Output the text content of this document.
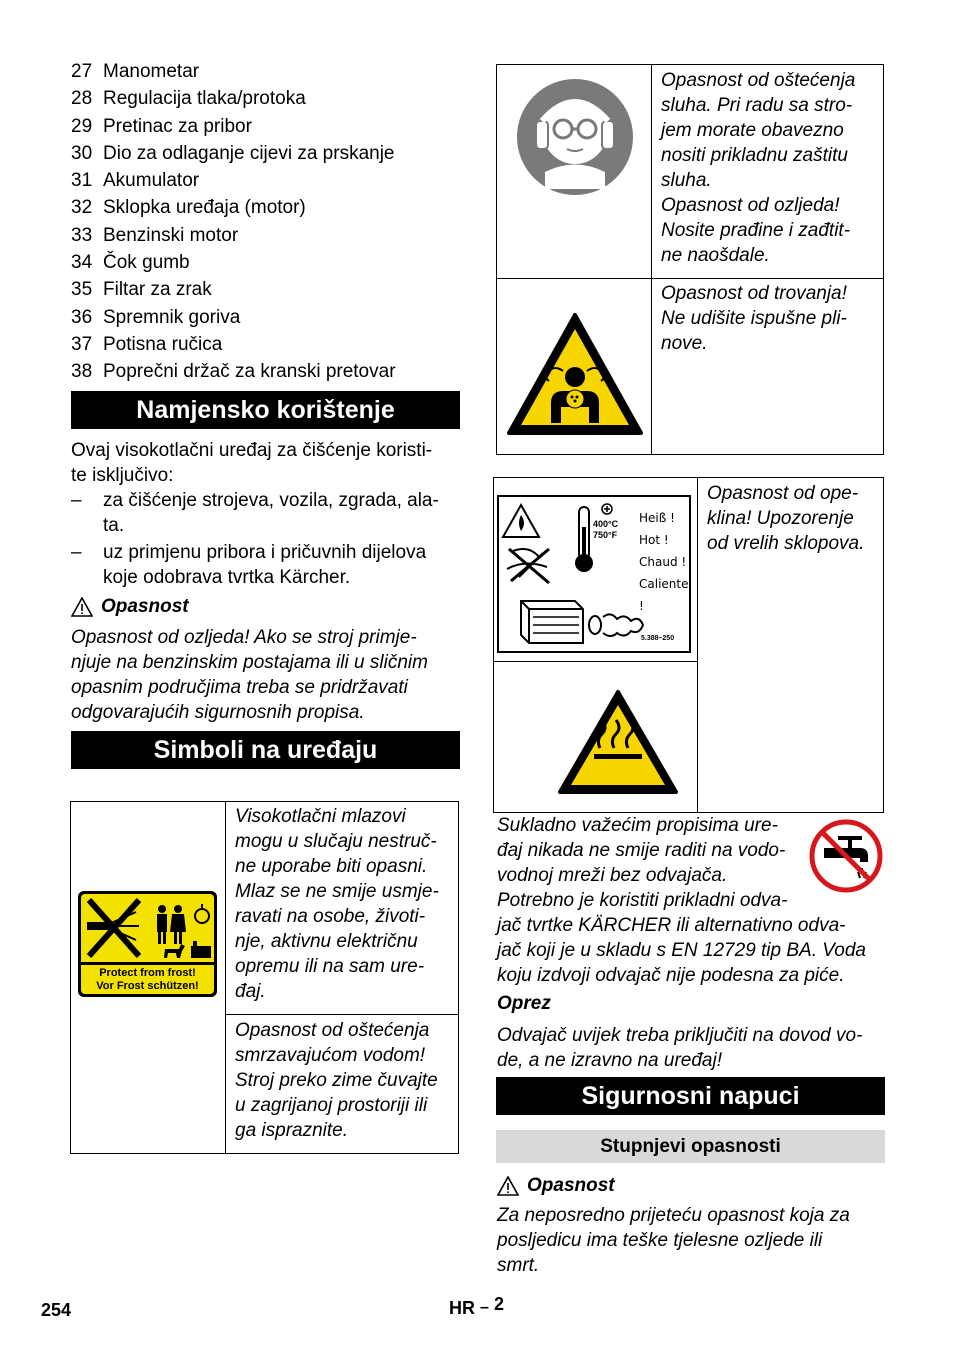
27 Manometar
28 Regulacija tlaka/protoka
29 Pretinac za pribor
30 Dio za odlaganje cijevi za prskanje
31 Akumulator
32 Sklopka uređaja (motor)
33 Benzinski motor
34 Čok gumb
35 Filtar za zrak
36 Spremnik goriva
37 Potisna ručica
38 Poprečni držač za kranski pretovar
Namjensko korištenje
Ovaj visokotlačni uređaj za čišćenje koristi-
te isključivo:
–	za čišćenje strojeva, vozila, zgrada, ala-
ta.
–	uz primjenu pribora i pričuvnih dijelova
koje odobrava tvrtka Kärcher.
Opasnost
Opasnost od ozljeda! Ako se stroj primje-
njuje na benzinskim postajama ili u sličnim
opasnim područjima treba se pridržavati
odgovarajućih sigurnosnih propisa.
Simboli na uređaju
Protect from frost!
Vor Frost schützen!
Visokotlačni mlazovi
mogu u slučaju nestruč-
ne uporabe biti opasni.
Mlaz se ne smije usmje-
ravati na osobe, životi-
nje, aktivnu električnu
opremu ili na sam ure-
đaj.
Opasnost od oštećenja
smrzavajućom vodom!
Stroj preko zime čuvajte
u zagrijanoj prostoriji ili
ga ispraznite.
Opasnost od oštećenja
sluha. Pri radu sa stro-
jem morate obavezno
nositi prikladnu zaštitu
sluha.
Opasnost od ozljeda!
Nosite prađine i zađtit-
ne naošdale.
Opasnost od trovanja!
Ne udišite ispušne pli-
nove.
400°C
750°F
Heiß !
Hot !
Chaud !
Caliente !
5.388–250
Opasnost od ope-
klina! Upozorenje
od vrelih sklopova.
Sukladno važećim propisima ure-
đaj nikada ne smije raditi na vodo-
vodnoj mreži bez odvajača.
Potrebno je koristiti prikladni odva-
jač tvrtke KÄRCHER ili alternativno odva-
jač koji je u skladu s EN 12729 tip BA. Voda
koju izdvoji odvajač nije podesna za piće.
Oprez
Odvajač uvijek treba priključiti na dovod vo-
de, a ne izravno na uređaj!
Sigurnosni napuci
Stupnjevi opasnosti
Opasnost
Za neposredno prijeteću opasnost koja za
posljedicu ima teške tjelesne ozljede ili
smrt.
254	HR – 2
